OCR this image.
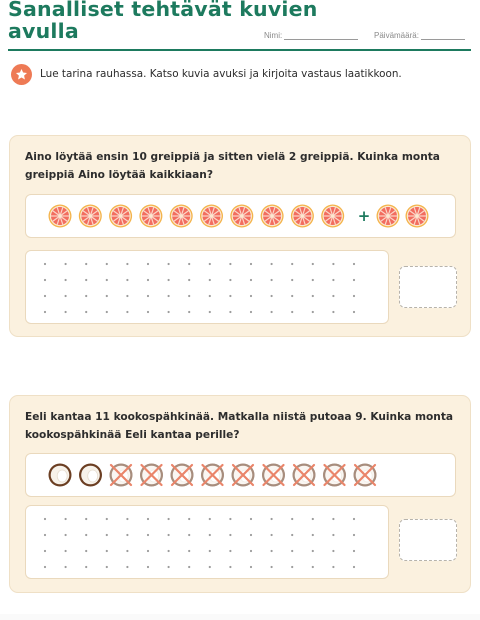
Sanalliset tehtävät kuvien
avulla	Nimi:	Päivämäärä:
Lue tarina rauhassa. Katso kuvia avuksi ja kirjoita vastaus laatikkoon.

Aino löytää ensin 10 greippiä ja sitten vielä 2 greippiä. Kuinka monta greippiä Aino löytää kaikkiaan?

+

Eeli kantaa 11 kookospähkinää. Matkalla niistä putoaa 9. Kuinka monta kookospähkinää Eeli kantaa perille?
